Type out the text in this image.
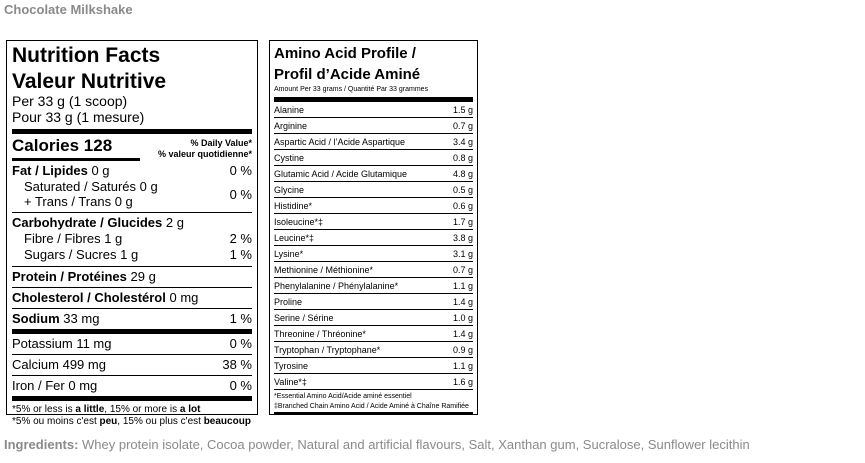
Chocolate Milkshake
Nutrition Facts
Valeur Nutritive
Per 33 g (1 scoop)
Pour 33 g (1 mesure)
Calories 128	% Daily Value*
% valeur quotidienne*
Fat / Lipides 0 g	0 %
Saturated / Saturés 0 g
+ Trans / Trans 0 g	0 %
Carbohydrate / Glucides 2 g
Fibre / Fibres 1 g	2 %
Sugars / Sucres 1 g	1 %
Protein / Protéines 29 g
Cholesterol / Cholestérol 0 mg
Sodium 33 mg	1 %
Potassium 11 mg	0 %
Calcium 499 mg	38 %
Iron / Fer 0 mg	0 %
*5% or less is a little, 15% or more is a lot
*5% ou moins c'est peu, 15% ou plus c'est beaucoup
Amino Acid Profile /
Profil d’Acide Aminé
Amount Per 33 grams / Quantité Par 33 grammes
Alanine	1.5 g
Arginine	0.7 g
Aspartic Acid / l’Acide Aspartique	3.4 g
Cystine	0.8 g
Glutamic Acid / Acide Glutamique	4.8 g
Glycine	0.5 g
Histidine*	0.6 g
Isoleucine*‡	1.7 g
Leucine*‡	3.8 g
Lysine*	3.1 g
Methionine / Méthionine*	0.7 g
Phenylalanine / Phénylalanine*	1.1 g
Proline	1.4 g
Serine / Sérine	1.0 g
Threonine / Thréonine*	1.4 g
Tryptophan / Tryptophane*	0.9 g
Tyrosine	1.1 g
Valine*‡	1.6 g
*Essential Amino Acid/Acide aminé essentiel
‡Branched Chain Amino Acid / Acide Aminé à Chaîne Ramifiée
Ingredients: Whey protein isolate, Cocoa powder, Natural and artificial flavours, Salt, Xanthan gum, Sucralose, Sunflower lecithin
